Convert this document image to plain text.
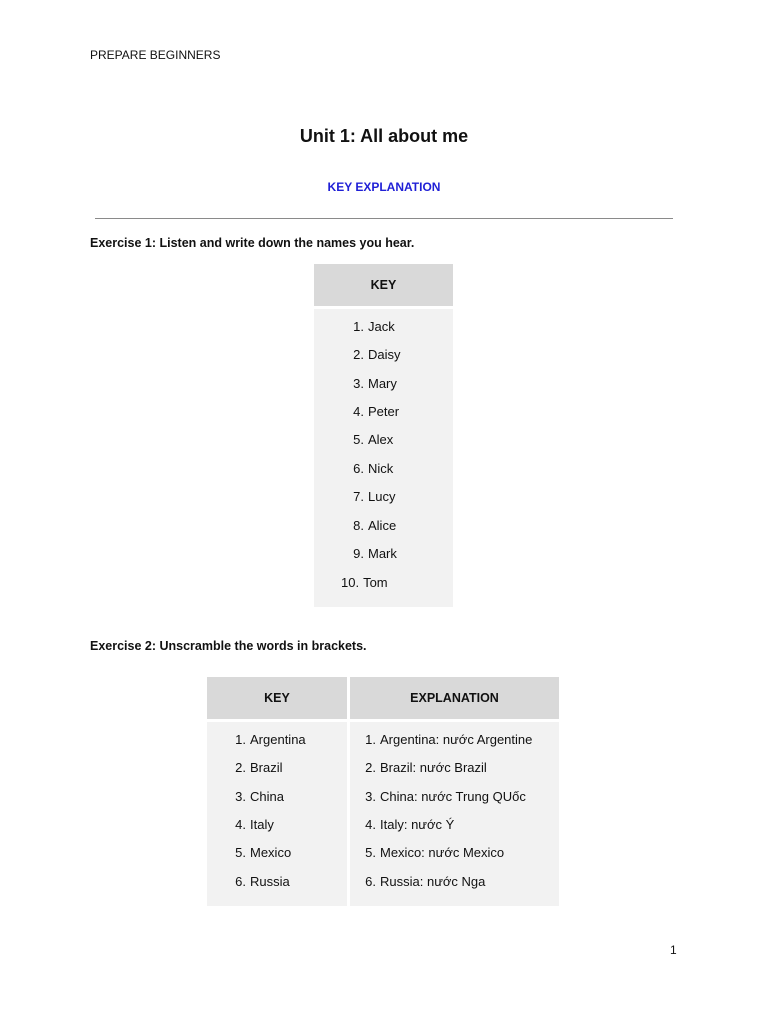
PREPARE BEGINNERS
Unit 1: All about me
KEY EXPLANATION
Exercise 1: Listen and write down the names you hear.
KEY
1. Jack
2. Daisy
3. Mary
4. Peter
5. Alex
6. Nick
7. Lucy
8. Alice
9. Mark
10. Tom
Exercise 2: Unscramble the words in brackets.
KEY
1. Argentina
2. Brazil
3. China
4. Italy
5. Mexico
6. Russia
EXPLANATION
1. Argentina: nước Argentine
2. Brazil: nước Brazil
3. China: nước Trung QUốc
4. Italy: nước Ý
5. Mexico: nước Mexico
6. Russia: nước Nga
1
